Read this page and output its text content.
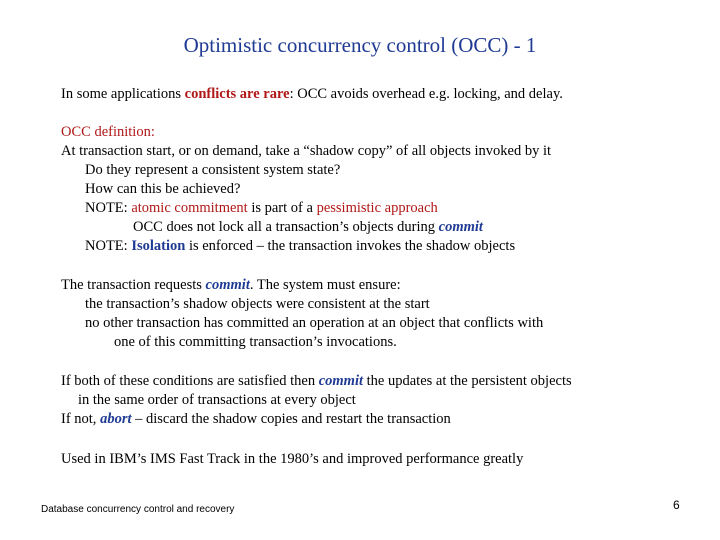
Optimistic concurrency control (OCC) - 1
In some applications conflicts are rare: OCC avoids overhead e.g. locking, and delay.
OCC definition:
At transaction start, or on demand, take a “shadow copy” of all objects invoked by it
Do they represent a consistent system state?
How can this be achieved?
NOTE: atomic commitment is part of a pessimistic approach
OCC does not lock all a transaction’s objects during commit
NOTE: Isolation is enforced – the transaction invokes the shadow objects
The transaction requests commit. The system must ensure:
the transaction’s shadow objects were consistent at the start
no other transaction has committed an operation at an object that conflicts with
one of this committing transaction’s invocations.
If both of these conditions are satisfied then commit the updates at the persistent objects
in the same order of transactions at every object
If not, abort – discard the shadow copies and restart the transaction
Used in IBM’s IMS Fast Track in the 1980’s and improved performance greatly
Database concurrency control and recovery	6
